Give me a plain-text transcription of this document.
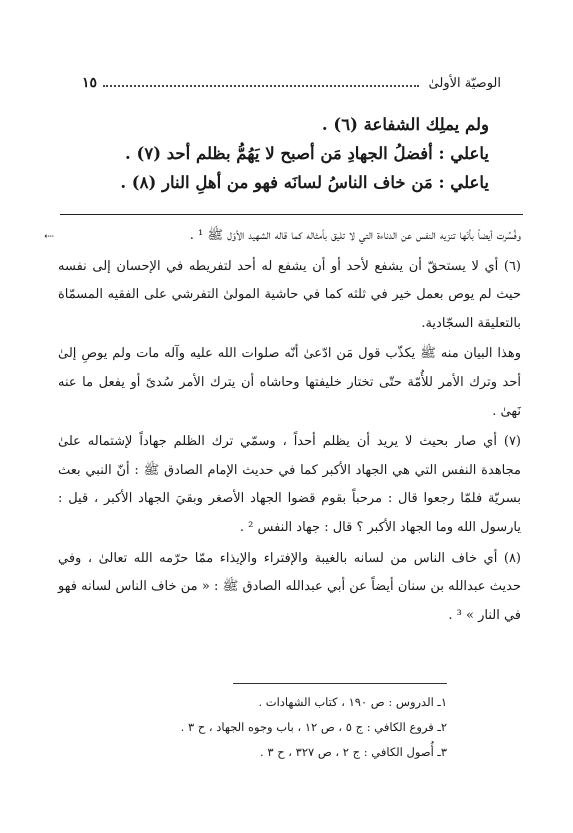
الوصيّة الأولىٰ
١٥

ولم يملِك الشفاعة (٦) .

ياعلي : أفضلُ الجهادِ مَن أصبح لا يَهُمُّ بظلم أحد (٧) .

ياعلي : مَن خاف الناسُ لسانَه فهو من أهلِ النار (٨) .

⇠	وفُسِّرت أيضاً بأنّها تنزيه النفس عن الدناءة التي لا تليق بأمثاله كما قاله الشهيد الأوّل ﷺ ¹ .

(٦) أي لا يستحقّ أن يشفع لأحد أو أن يشفع له أحد لتفريطه في الإحسان إلى نفسه حيث لم يوص بعمل خير في ثلثه كما في حاشية المولىٰ التفرشي على الفقيه المسمّاة بالتعليقة السجّادية.

وهذا البيان منه ﷺ يكذّب قول مَن ادّعىٰ أنّه صلوات الله عليه وآله مات ولم يوصِ إلىٰ أحد وترك الأمر للأُمّة حتّى تختار خليفتها وحاشاه أن يترك الأمر سُدىً أو يفعل ما عنه نَهىٰ .

(٧) أي صار بحيث لا يريد أن يظلم أحداً ، وسمّي ترك الظلم جهاداً لإشتماله علىٰ مجاهدة النفس التي هي الجهاد الأكبر كما في حديث الإمام الصادق ﷺ : أنّ النبي بعث بسريّة فلمّا رجعوا قال : مرحباً بقوم قضوا الجهاد الأصغر وبقيَ الجهاد الأكبر ، قيل : يارسول الله وما الجهاد الأكبر ؟ قال : جهاد النفس ² .

(٨) أي خاف الناس من لسانه بالغيبة والإفتراء والإيذاء ممّا حرّمه الله تعالىٰ ، وفي حديث عبدالله بن سنان أيضاً عن أبي عبدالله الصادق ﷺ : « من خاف الناس لسانه فهو في النار » ³ .

١ـ الدروس : ص ١٩٠ ، كتاب الشهادات .
٢ـ فروع الكافي : ج ٥ ، ص ١٢ ، باب وجوه الجهاد ، ح ٣ .
٣ـ أُصول الكافي : ج ٢ ، ص ٣٢٧ ، ح ٣ .
